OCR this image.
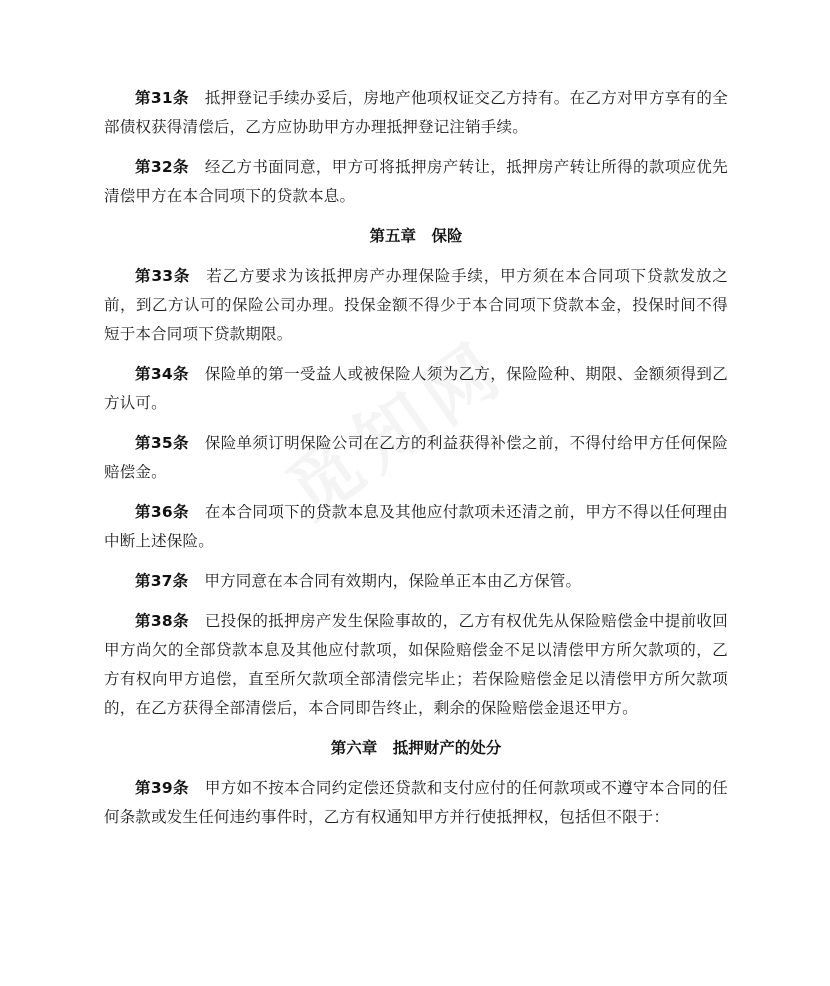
第31条 抵押登记手续办妥后，房地产他项权证交乙方持有。在乙方对甲方享有的全部债权获得清偿后，乙方应协助甲方办理抵押登记注销手续。

第32条 经乙方书面同意，甲方可将抵押房产转让，抵押房产转让所得的款项应优先清偿甲方在本合同项下的贷款本息。

第五章　保险

第33条 若乙方要求为该抵押房产办理保险手续，甲方须在本合同项下贷款发放之前，到乙方认可的保险公司办理。投保金额不得少于本合同项下贷款本金，投保时间不得短于本合同项下贷款期限。

第34条 保险单的第一受益人或被保险人须为乙方，保险险种、期限、金额须得到乙方认可。

第35条 保险单须订明保险公司在乙方的利益获得补偿之前，不得付给甲方任何保险赔偿金。

第36条 在本合同项下的贷款本息及其他应付款项未还清之前，甲方不得以任何理由中断上述保险。

第37条 甲方同意在本合同有效期内，保险单正本由乙方保管。

第38条 已投保的抵押房产发生保险事故的，乙方有权优先从保险赔偿金中提前收回甲方尚欠的全部贷款本息及其他应付款项，如保险赔偿金不足以清偿甲方所欠款项的，乙方有权向甲方追偿，直至所欠款项全部清偿完毕止；若保险赔偿金足以清偿甲方所欠款项的，在乙方获得全部清偿后，本合同即告终止，剩余的保险赔偿金退还甲方。

第六章　抵押财产的处分

第39条 甲方如不按本合同约定偿还贷款和支付应付的任何款项或不遵守本合同的任何条款或发生任何违约事件时，乙方有权通知甲方并行使抵押权，包括但不限于：
